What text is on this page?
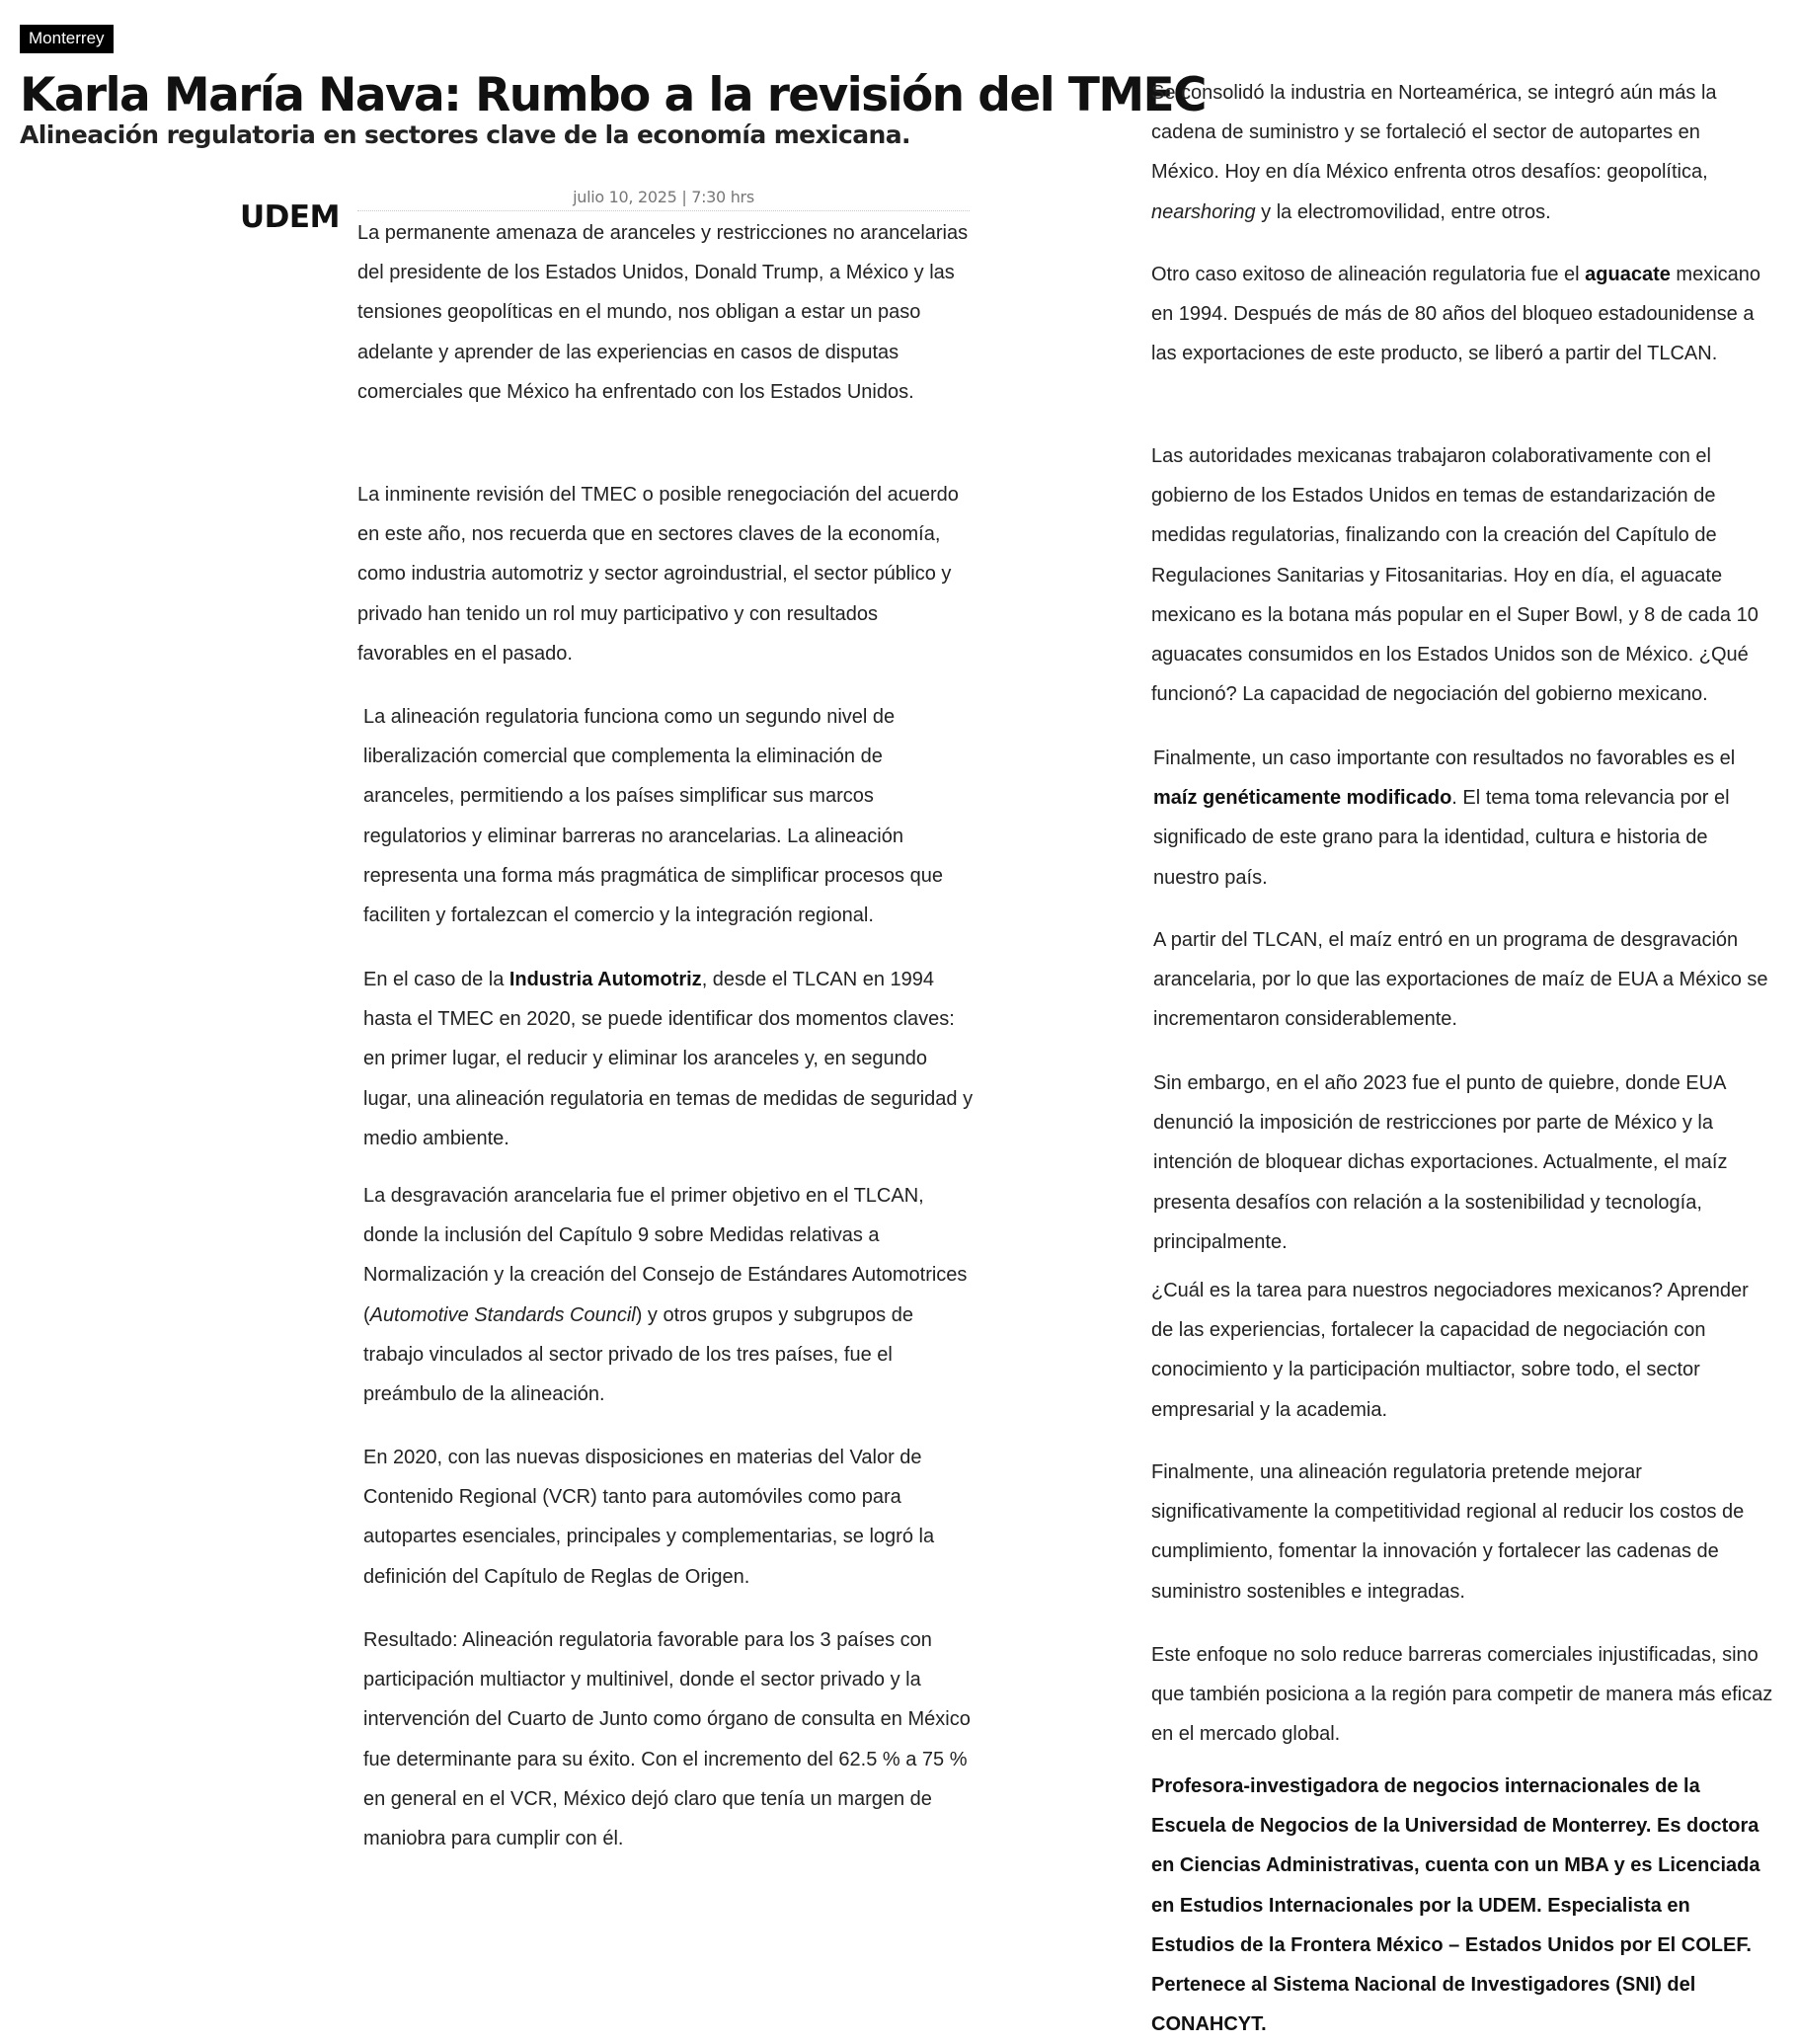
Monterrey
Karla María Nava: Rumbo a la revisión del TMEC
Alineación regulatoria en sectores clave de la economía mexicana.
UDEM
julio 10, 2025 | 7:30 hrs

La permanente amenaza de aranceles y restricciones no arancelarias del presidente de los Estados Unidos, Donald Trump, a México y las tensiones geopolíticas en el mundo, nos obligan a estar un paso adelante y aprender de las experiencias en casos de disputas comerciales que México ha enfrentado con los Estados Unidos.

La inminente revisión del TMEC o posible renegociación del acuerdo en este año, nos recuerda que en sectores claves de la economía, como industria automotriz y sector agroindustrial, el sector público y privado han tenido un rol muy participativo y con resultados favorables en el pasado.

La alineación regulatoria funciona como un segundo nivel de liberalización comercial que complementa la eliminación de aranceles, permitiendo a los países simplificar sus marcos regulatorios y eliminar barreras no arancelarias. La alineación representa una forma más pragmática de simplificar procesos que faciliten y fortalezcan el comercio y la integración regional.

En el caso de la Industria Automotriz, desde el TLCAN en 1994 hasta el TMEC en 2020, se puede identificar dos momentos claves: en primer lugar, el reducir y eliminar los aranceles y, en segundo lugar, una alineación regulatoria en temas de medidas de seguridad y medio ambiente.

La desgravación arancelaria fue el primer objetivo en el TLCAN, donde la inclusión del Capítulo 9 sobre Medidas relativas a Normalización y la creación del Consejo de Estándares Automotrices (Automotive Standards Council) y otros grupos y subgrupos de trabajo vinculados al sector privado de los tres países, fue el preámbulo de la alineación.

En 2020, con las nuevas disposiciones en materias del Valor de Contenido Regional (VCR) tanto para automóviles como para autopartes esenciales, principales y complementarias, se logró la definición del Capítulo de Reglas de Origen.

Resultado: Alineación regulatoria favorable para los 3 países con participación multiactor y multinivel, donde el sector privado y la intervención del Cuarto de Junto como órgano de consulta en México fue determinante para su éxito. Con el incremento del 62.5 % a 75 % en general en el VCR, México dejó claro que tenía un margen de maniobra para cumplir con él.

Se consolidó la industria en Norteamérica, se integró aún más la cadena de suministro y se fortaleció el sector de autopartes en México. Hoy en día México enfrenta otros desafíos: geopolítica, nearshoring y la electromovilidad, entre otros.

Otro caso exitoso de alineación regulatoria fue el aguacate mexicano en 1994. Después de más de 80 años del bloqueo estadounidense a las exportaciones de este producto, se liberó a partir del TLCAN.

Las autoridades mexicanas trabajaron colaborativamente con el gobierno de los Estados Unidos en temas de estandarización de medidas regulatorias, finalizando con la creación del Capítulo de Regulaciones Sanitarias y Fitosanitarias. Hoy en día, el aguacate mexicano es la botana más popular en el Super Bowl, y 8 de cada 10 aguacates consumidos en los Estados Unidos son de México. ¿Qué funcionó? La capacidad de negociación del gobierno mexicano.

Finalmente, un caso importante con resultados no favorables es el maíz genéticamente modificado. El tema toma relevancia por el significado de este grano para la identidad, cultura e historia de nuestro país.

A partir del TLCAN, el maíz entró en un programa de desgravación arancelaria, por lo que las exportaciones de maíz de EUA a México se incrementaron considerablemente.

Sin embargo, en el año 2023 fue el punto de quiebre, donde EUA denunció la imposición de restricciones por parte de México y la intención de bloquear dichas exportaciones. Actualmente, el maíz presenta desafíos con relación a la sostenibilidad y tecnología, principalmente.

¿Cuál es la tarea para nuestros negociadores mexicanos? Aprender de las experiencias, fortalecer la capacidad de negociación con conocimiento y la participación multiactor, sobre todo, el sector empresarial y la academia.

Finalmente, una alineación regulatoria pretende mejorar significativamente la competitividad regional al reducir los costos de cumplimiento, fomentar la innovación y fortalecer las cadenas de suministro sostenibles e integradas.

Este enfoque no solo reduce barreras comerciales injustificadas, sino que también posiciona a la región para competir de manera más eficaz en el mercado global.

Profesora-investigadora de negocios internacionales de la Escuela de Negocios de la Universidad de Monterrey. Es doctora en Ciencias Administrativas, cuenta con un MBA y es Licenciada en Estudios Internacionales por la UDEM. Especialista en Estudios de la Frontera México – Estados Unidos por El COLEF. Pertenece al Sistema Nacional de Investigadores (SNI) del CONAHCYT.
